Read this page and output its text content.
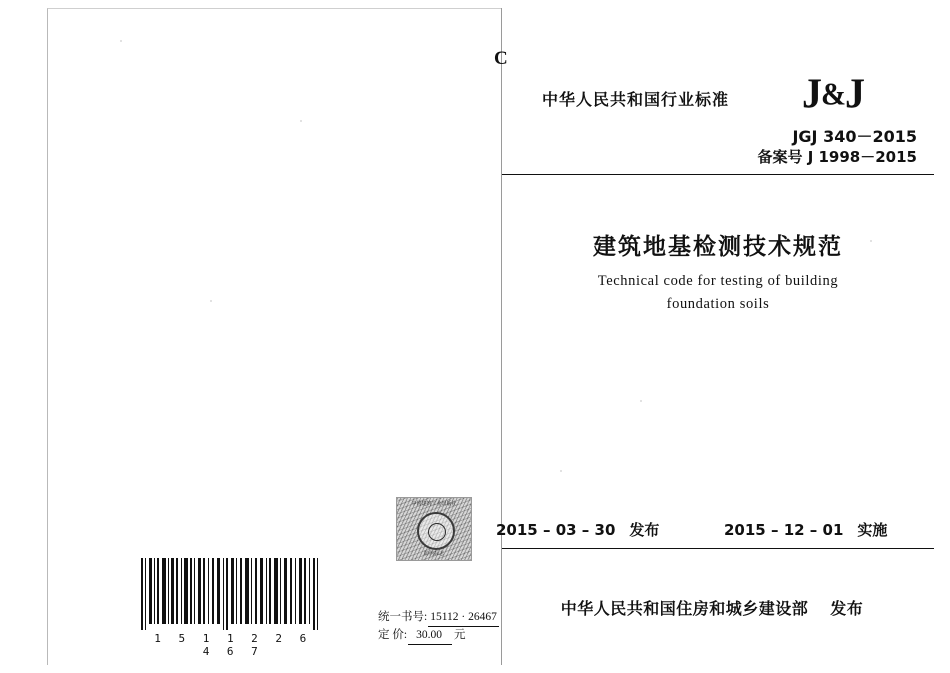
1 5 1 1 2 2 6 4 6 7
中国建筑工业出版社
防伪标志
统一书号: 15112 · 26467
定 价: 30.00	元
C
中华人民共和国行业标准 J&J
JGJ 340－2015
备案号 J 1998－2015
建筑地基检测技术规范
Technical code for testing of building
foundation soils
2015 – 03 – 30 发布	2015 – 12 – 01 实施
中华人民共和国住房和城乡建设部 发布
